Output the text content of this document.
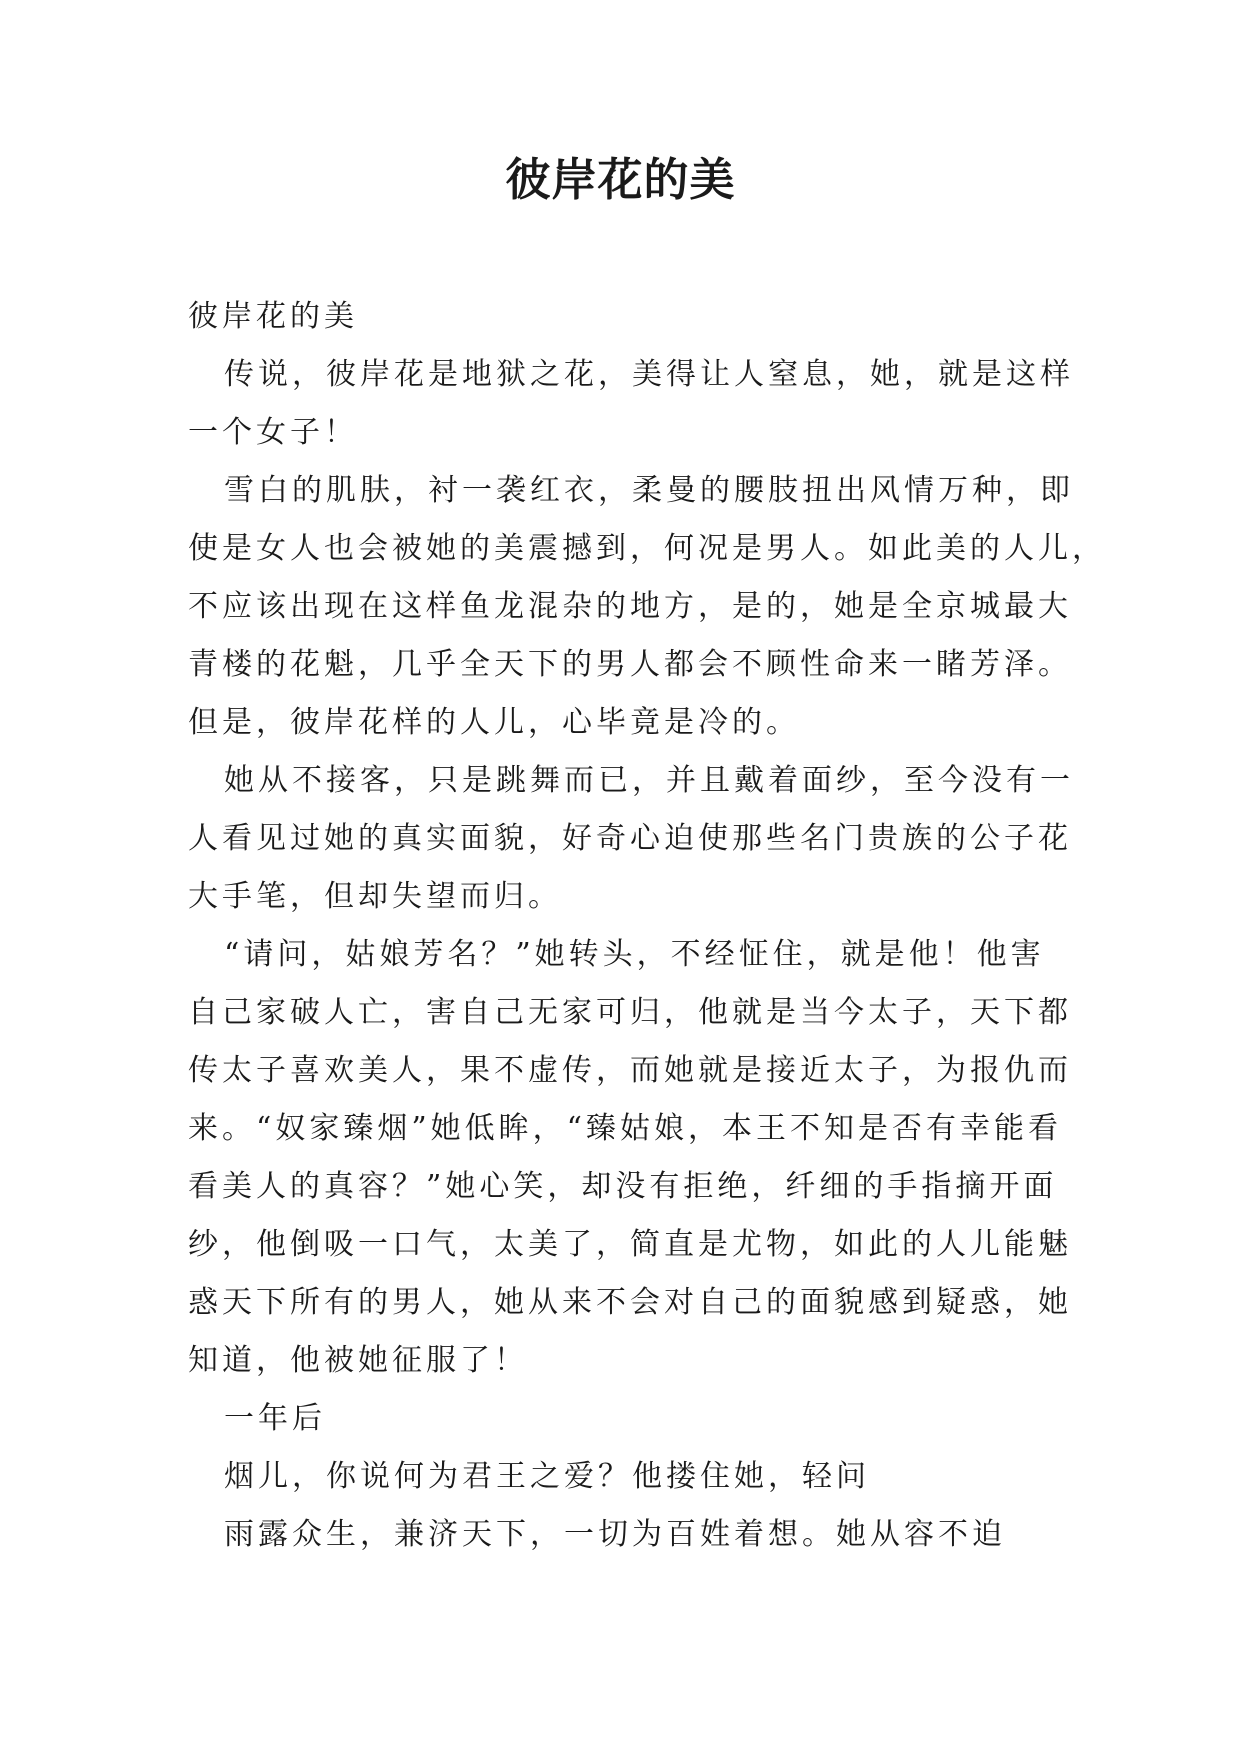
彼岸花的美
彼岸花的美
传说，彼岸花是地狱之花，美得让人窒息，她，就是这样
一个女子！
雪白的肌肤，衬一袭红衣，柔曼的腰肢扭出风情万种，即
使是女人也会被她的美震撼到，何况是男人。如此美的人儿，
不应该出现在这样鱼龙混杂的地方，是的，她是全京城最大
青楼的花魁，几乎全天下的男人都会不顾性命来一睹芳泽。
但是，彼岸花样的人儿，心毕竟是冷的。
她从不接客，只是跳舞而已，并且戴着面纱，至今没有一
人看见过她的真实面貌，好奇心迫使那些名门贵族的公子花
大手笔，但却失望而归。
“请问，姑娘芳名？”她转头，不经怔住，就是他！他害
自己家破人亡，害自己无家可归，他就是当今太子，天下都
传太子喜欢美人，果不虚传，而她就是接近太子，为报仇而
来。“奴家臻烟”她低眸，“臻姑娘，本王不知是否有幸能看
看美人的真容？”她心笑，却没有拒绝，纤细的手指摘开面
纱，他倒吸一口气，太美了，简直是尤物，如此的人儿能魅
惑天下所有的男人，她从来不会对自己的面貌感到疑惑，她
知道，他被她征服了！
一年后
烟儿，你说何为君王之爱？他搂住她，轻问
雨露众生，兼济天下，一切为百姓着想。她从容不迫
